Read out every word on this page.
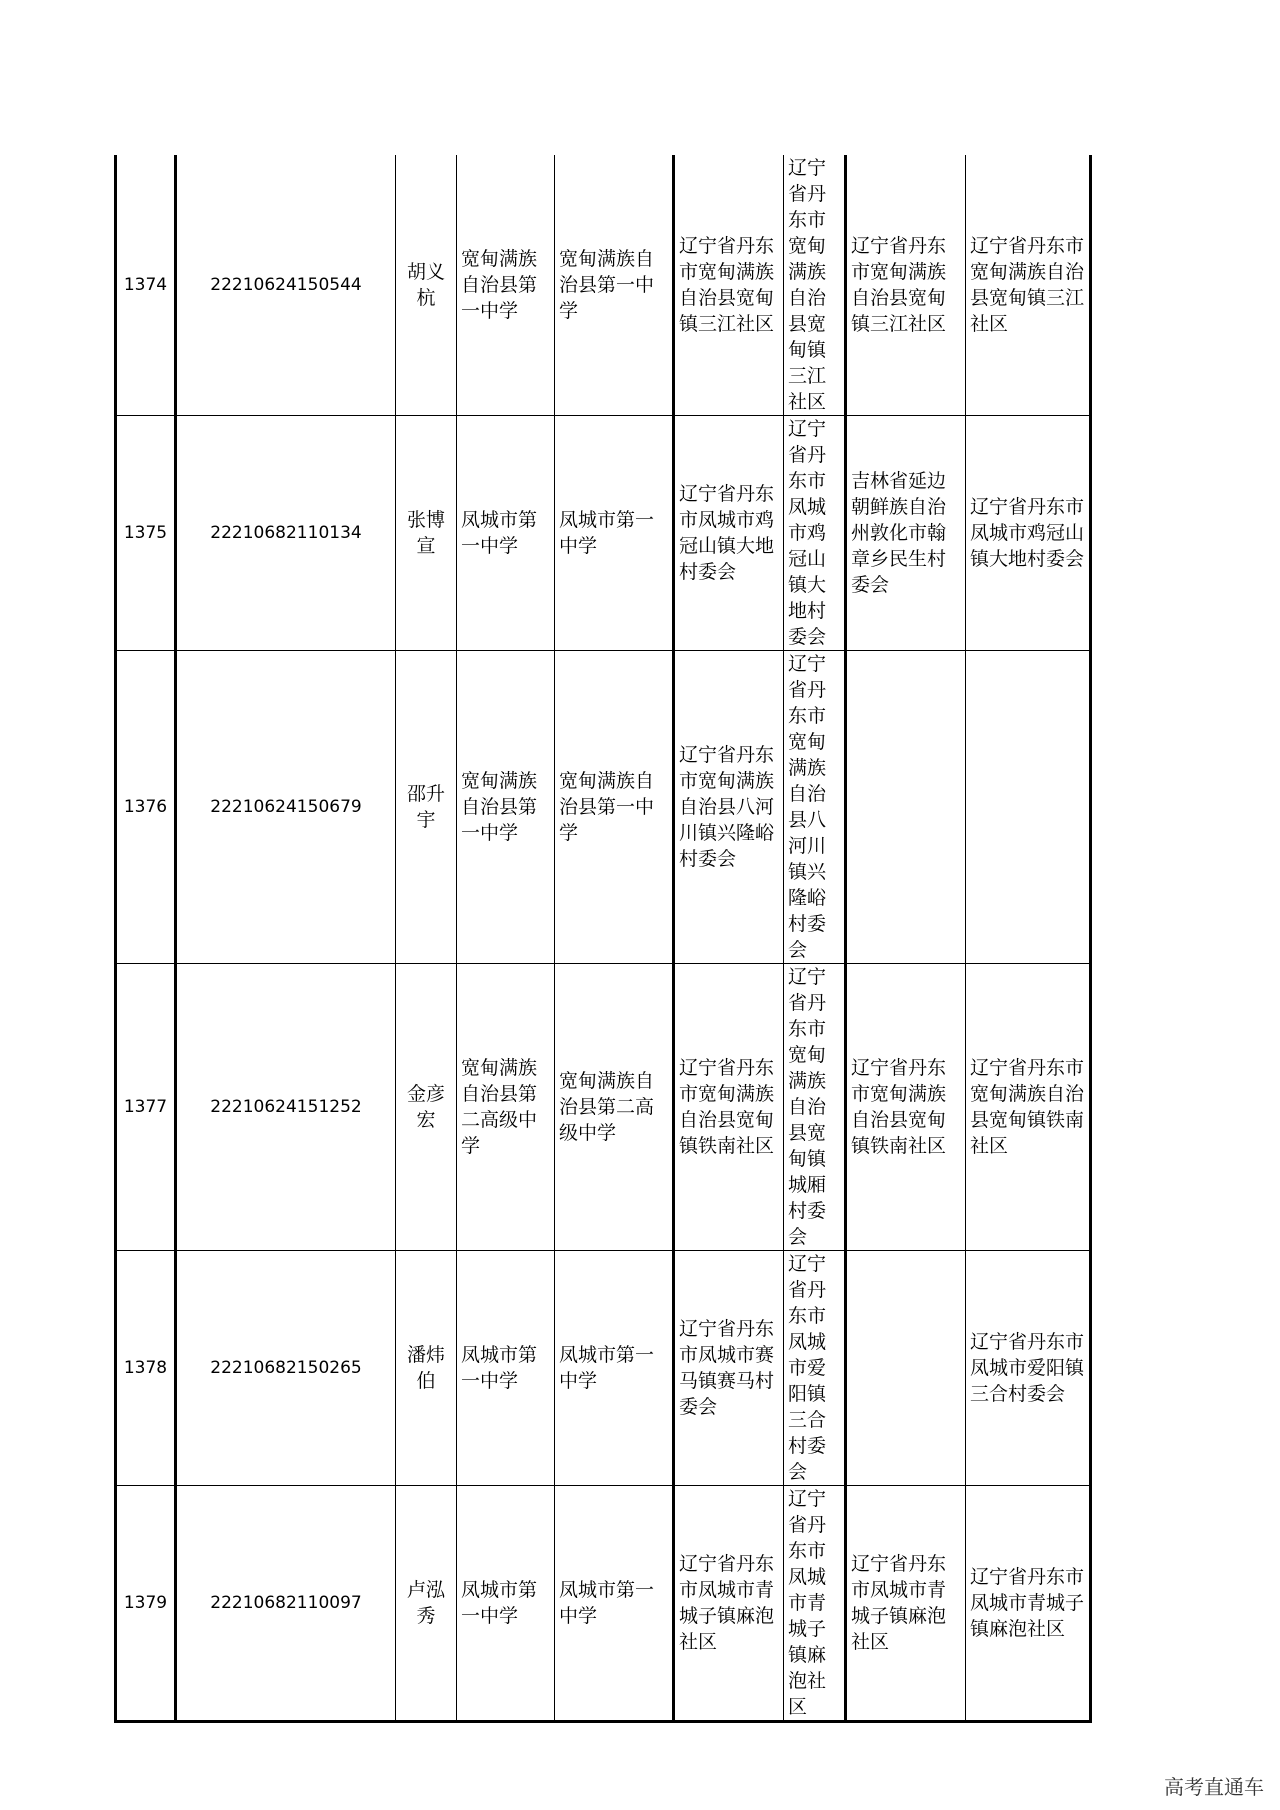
1374	22210624150544	胡义杭	宽甸满族自治县第一中学	宽甸满族自治县第一中学	辽宁省丹东市宽甸满族自治县宽甸镇三江社区	辽宁省丹东市宽甸满族自治县宽甸镇三江社区	辽宁省丹东市宽甸满族自治县宽甸镇三江社区	辽宁省丹东市宽甸满族自治县宽甸镇三江社区
1375	22210682110134	张博宣	凤城市第一中学	凤城市第一中学	辽宁省丹东市凤城市鸡冠山镇大地村委会	辽宁省丹东市凤城市鸡冠山镇大地村委会	吉林省延边朝鲜族自治州敦化市翰章乡民生村委会	辽宁省丹东市凤城市鸡冠山镇大地村委会
1376	22210624150679	邵升宇	宽甸满族自治县第一中学	宽甸满族自治县第一中学	辽宁省丹东市宽甸满族自治县八河川镇兴隆峪村委会	辽宁省丹东市宽甸满族自治县八河川镇兴隆峪村委会		
1377	22210624151252	金彦宏	宽甸满族自治县第二高级中学	宽甸满族自治县第二高级中学	辽宁省丹东市宽甸满族自治县宽甸镇铁南社区	辽宁省丹东市宽甸满族自治县宽甸镇城厢村委会	辽宁省丹东市宽甸满族自治县宽甸镇铁南社区	辽宁省丹东市宽甸满族自治县宽甸镇铁南社区
1378	22210682150265	潘炜伯	凤城市第一中学	凤城市第一中学	辽宁省丹东市凤城市赛马镇赛马村委会	辽宁省丹东市凤城市爱阳镇三合村委会		辽宁省丹东市凤城市爱阳镇三合村委会
1379	22210682110097	卢泓秀	凤城市第一中学	凤城市第一中学	辽宁省丹东市凤城市青城子镇麻泡社区	辽宁省丹东市凤城市青城子镇麻泡社区	辽宁省丹东市凤城市青城子镇麻泡社区	辽宁省丹东市凤城市青城子镇麻泡社区
高考直通车
